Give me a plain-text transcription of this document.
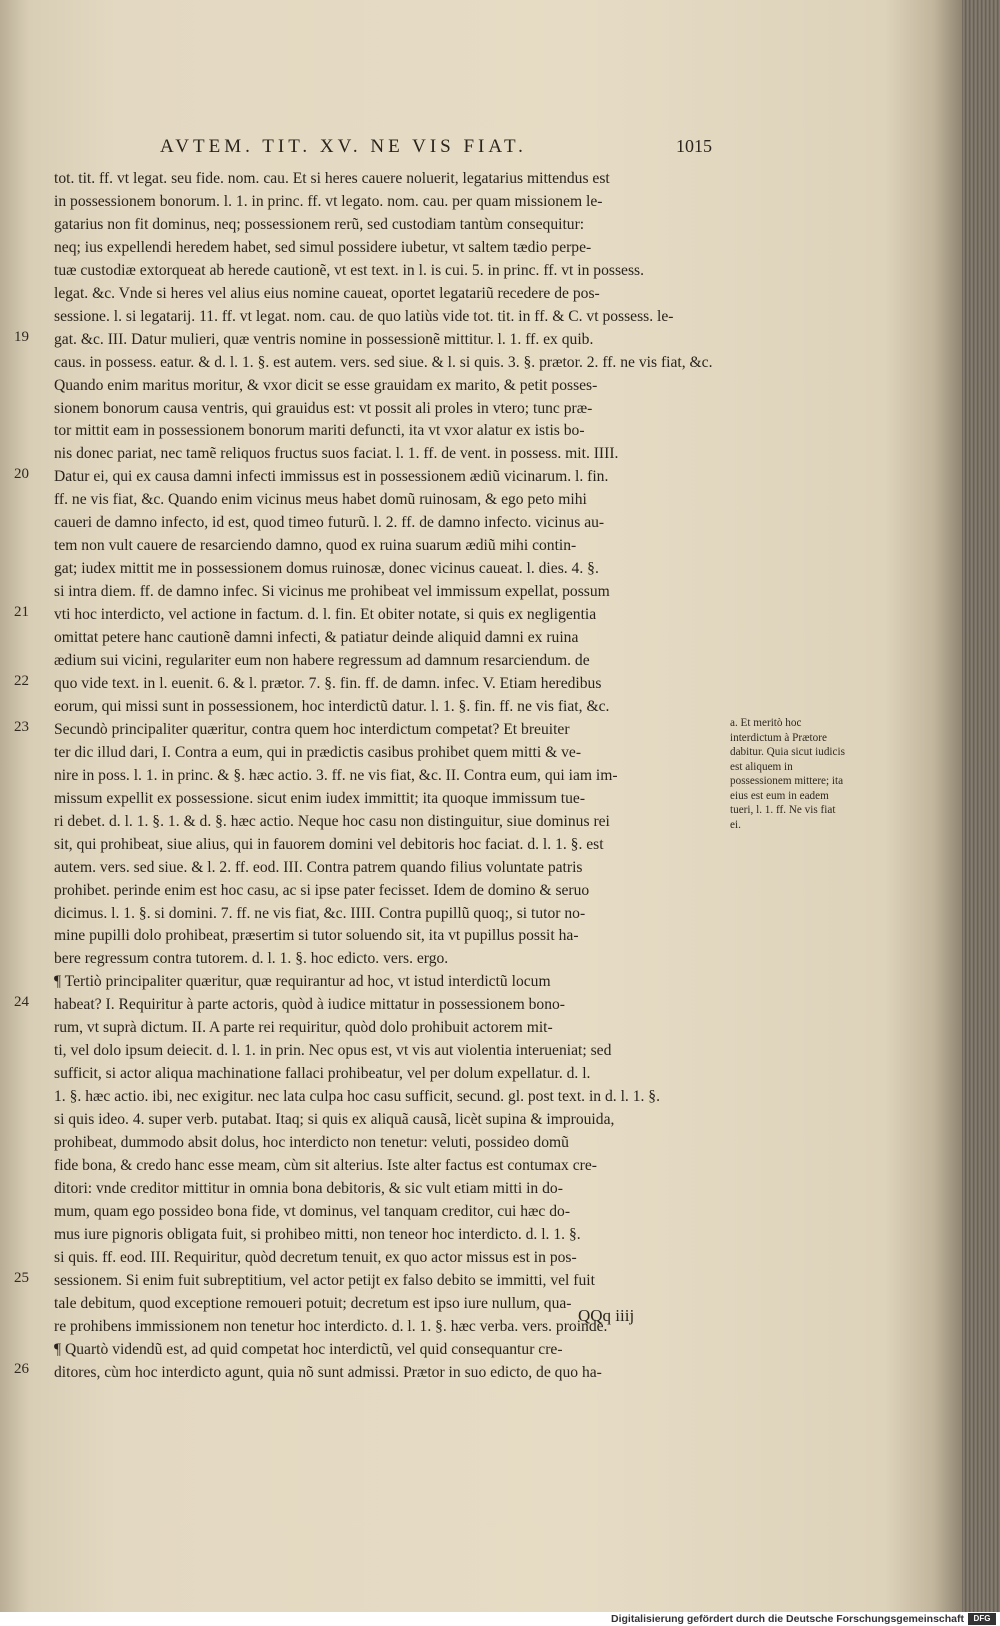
AVTEM. TIT. XV. NE VIS FIAT.	1015

tot. tit. ff. vt legat. seu fide. nom. cau. Et si heres cauere noluerit, legatarius mittendus est

in possessionem bonorum. l. 1. in princ. ff. vt legato. nom. cau. per quam missionem le-

gatarius non fit dominus, neq; possessionem rerũ, sed custodiam tantùm consequitur:

neq; ius expellendi heredem habet, sed simul possidere iubetur, vt saltem tædio perpe-

tuæ custodiæ extorqueat ab herede cautionẽ, vt est text. in l. is cui. 5. in princ. ff. vt in possess.

legat. &c. Vnde si heres vel alius eius nomine caueat, oportet legatariũ recedere de pos-

sessione. l. si legatarij. 11. ff. vt legat. nom. cau. de quo latiùs vide tot. tit. in ff. & C. vt possess. le-

gat. &c. III. Datur mulieri, quæ ventris nomine in possessionẽ mittitur. l. 1. ff. ex quib.

caus. in possess. eatur. & d. l. 1. §. est autem. vers. sed siue. & l. si quis. 3. §. prætor. 2. ff. ne vis fiat, &c.

Quando enim maritus moritur, & vxor dicit se esse grauidam ex marito, & petit posses-

sionem bonorum causa ventris, qui grauidus est: vt possit ali proles in vtero; tunc præ-

tor mittit eam in possessionem bonorum mariti defuncti, ita vt vxor alatur ex istis bo-

nis donec pariat, nec tamẽ reliquos fructus suos faciat. l. 1. ff. de vent. in possess. mit. IIII.

Datur ei, qui ex causa damni infecti immissus est in possessionem ædiũ vicinarum. l. fin.

ff. ne vis fiat, &c. Quando enim vicinus meus habet domũ ruinosam, & ego peto mihi

caueri de damno infecto, id est, quod timeo futurũ. l. 2. ff. de damno infecto. vicinus au-

tem non vult cauere de resarciendo damno, quod ex ruina suarum ædiũ mihi contin-

gat; iudex mittit me in possessionem domus ruinosæ, donec vicinus caueat. l. dies. 4. §.

si intra diem. ff. de damno infec. Si vicinus me prohibeat vel immissum expellat, possum

vti hoc interdicto, vel actione in factum. d. l. fin. Et obiter notate, si quis ex negligentia

omittat petere hanc cautionẽ damni infecti, & patiatur deinde aliquid damni ex ruina

ædium sui vicini, regulariter eum non habere regressum ad damnum resarciendum. de

quo vide text. in l. euenit. 6. & l. prætor. 7. §. fin. ff. de damn. infec. V. Etiam heredibus

eorum, qui missi sunt in possessionem, hoc interdictũ datur. l. 1. §. fin. ff. ne vis fiat, &c.

Secundò principaliter quæritur, contra quem hoc interdictum competat? Et breuiter

ter dic illud dari, I. Contra a eum, qui in prædictis casibus prohibet quem mitti & ve-

nire in poss. l. 1. in princ. & §. hæc actio. 3. ff. ne vis fiat, &c. II. Contra eum, qui iam im-

missum expellit ex possessione. sicut enim iudex immittit; ita quoque immissum tue-

ri debet. d. l. 1. §. 1. & d. §. hæc actio. Neque hoc casu non distinguitur, siue dominus rei

sit, qui prohibeat, siue alius, qui in fauorem domini vel debitoris hoc faciat. d. l. 1. §. est

autem. vers. sed siue. & l. 2. ff. eod. III. Contra patrem quando filius voluntate patris

prohibet. perinde enim est hoc casu, ac si ipse pater fecisset. Idem de domino & seruo

dicimus. l. 1. §. si domini. 7. ff. ne vis fiat, &c. IIII. Contra pupillũ quoq;, si tutor no-

mine pupilli dolo prohibeat, præsertim si tutor soluendo sit, ita vt pupillus possit ha-

bere regressum contra tutorem. d. l. 1. §. hoc edicto. vers. ergo.

¶ Tertiò principaliter quæritur, quæ requirantur ad hoc, vt istud interdictũ locum

habeat? I. Requiritur à parte actoris, quòd à iudice mittatur in possessionem bono-

rum, vt suprà dictum. II. A parte rei requiritur, quòd dolo prohibuit actorem mit-

ti, vel dolo ipsum deiecit. d. l. 1. in prin. Nec opus est, vt vis aut violentia interueniat; sed

sufficit, si actor aliqua machinatione fallaci prohibeatur, vel per dolum expellatur. d. l.

1. §. hæc actio. ibi, nec exigitur. nec lata culpa hoc casu sufficit, secund. gl. post text. in d. l. 1. §.

si quis ideo. 4. super verb. putabat. Itaq; si quis ex aliquã causã, licèt supina & improuida,

prohibeat, dummodo absit dolus, hoc interdicto non tenetur: veluti, possideo domũ

fide bona, & credo hanc esse meam, cùm sit alterius. Iste alter factus est contumax cre-

ditori: vnde creditor mittitur in omnia bona debitoris, & sic vult etiam mitti in do-

mum, quam ego possideo bona fide, vt dominus, vel tanquam creditor, cui hæc do-

mus iure pignoris obligata fuit, si prohibeo mitti, non teneor hoc interdicto. d. l. 1. §.

si quis. ff. eod. III. Requiritur, quòd decretum tenuit, ex quo actor missus est in pos-

sessionem. Si enim fuit subreptitium, vel actor petijt ex falso debito se immitti, vel fuit

tale debitum, quod exceptione remoueri potuit; decretum est ipso iure nullum, qua-

re prohibens immissionem non tenetur hoc interdicto. d. l. 1. §. hæc verba. vers. proinde.

¶ Quartò videndũ est, ad quid competat hoc interdictũ, vel quid consequantur cre-

ditores, cùm hoc interdicto agunt, quia nõ sunt admissi. Prætor in suo edicto, de quo ha-

19
20
21
22
23
24
25
26
a. Et meritò hoc interdictum à Prætore dabitur. Quia sicut iudicis est aliquem in possessionem mittere; ita eius est eum in eadem tueri, l. 1. ff. Ne vis fiat ei.
QQq iiij
Digitalisierung gefördert durch die Deutsche Forschungsgemeinschaft	DFG
